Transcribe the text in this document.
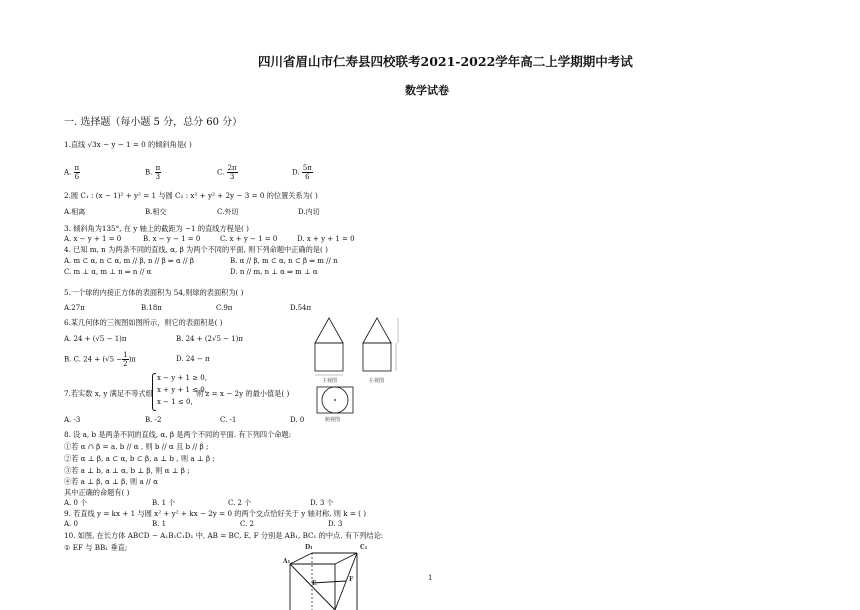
四川省眉山市仁寿县四校联考2021-2022学年高二上学期期中考试
数学试卷
一. 选择题（每小题 5 分，总分 60 分）
1.直线 √3x − y − 1 = 0 的倾斜角是( )
A. $\frac{\pi}{6}$	B. $\frac{\pi}{3}$	C. $\frac{2\pi}{3}$	D. $\frac{5\pi}{6}$
2.圆 C₁ : (x − 1)² + y² = 1 与圆 C₂ : x² + y² + 2y − 3 = 0 的位置关系为( )
A.相离	B.相交	C.外切	D.内切
3. 倾斜角为135°, 在 y 轴上的截距为 −1 的直线方程是( )
A. x − y + 1 = 0	B. x − y − 1 = 0	C. x + y − 1 = 0	D. x + y + 1 = 0
4. 已知 m, n 为两条不同的直线, α, β 为两个不同的平面, 则下列命题中正确的是( )
A. m ⊂ α, n ⊂ α, m // β, n // β ⇒ α // β	B. α // β, m ⊂ α, n ⊂ β ⇒ m // n
C. m ⊥ α, m ⊥ n ⇒ n // α	D. n // m, n ⊥ α ⇒ m ⊥ α
5.一个球的内接正方体的表面积为 54,则球的表面积为( )
A.27π	B.18π	C.9π	D.54π
6.某几何体的三视图如图所示，则它的表面积是( )
A. 24 + (√5 − 1)π	B. 24 + (2√5 − 1)π
B. C. $24 + (√5 - \frac{1}{2} )\pi$	D. 24 − π
主视图	左视图
俯视图
7.若实数 x, y 满足不等式组
x − y + 1 ≥ 0,
x + y + 1 ≤ 0,
x − 1 ≤ 0,
则 z = x − 2y 的最小值是( )
A. -3	B. -2	C. -1	D. 0
8. 设 a, b 是两条不同的直线, α, β 是两个不同的平面. 有下列四个命题:
①若 α ∩ β = a, b // α , 则 b // α 且 b // β ;
②若 α ⊥ β, a ⊂ α, b ⊂ β, a ⊥ b , 则 a ⊥ β ;
③若 a ⊥ b, a ⊥ α, b ⊥ β, 则 α ⊥ β ;
④若 a ⊥ β, α ⊥ β, 则 a // α
其中正确的命题有( )
A. 0 个	B. 1 个	C. 2 个	D. 3 个
9. 若直线 y = kx + 1 与圆 x² + y² + kx − 2y = 0 的两个交点恰好关于 y 轴对称, 则 k = ( )
A. 0	B. 1	C. 2	D. 3
10. 如图, 在长方体 ABCD − A₁B₁C₁D₁ 中, AB = BC, E, F 分别是 AB₁, BC₁ 的中点. 有下列结论:
① EF 与 BB₁ 垂直;	D₁	C₁
A₁
E
F	1
